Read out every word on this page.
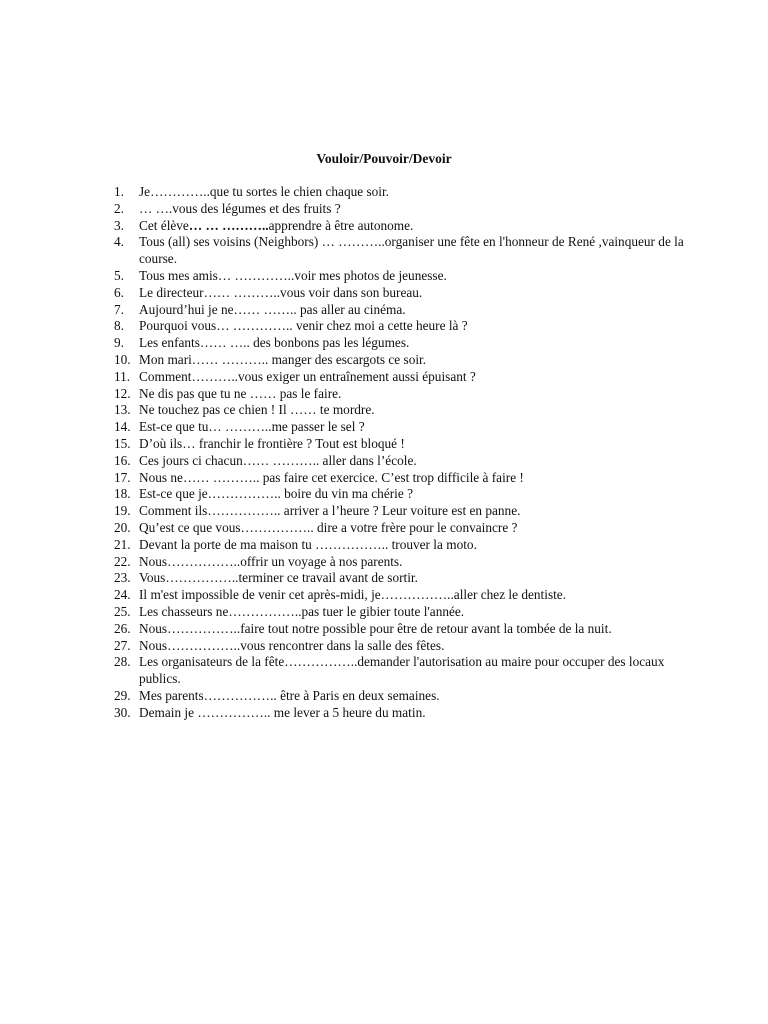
Vouloir/Pouvoir/Devoir
1.	Je…………..que tu sortes le chien chaque soir.
2.	… ….vous des légumes et des fruits ?
3.	Cet élève… … ………..apprendre à être autonome.
4.	Tous (all) ses voisins (Neighbors) … ………..organiser une fête en l'honneur de René ,vainqueur de la course.
5.	Tous mes amis… …………..voir mes photos de jeunesse.
6.	Le directeur…… ………..vous voir dans son bureau.
7.	Aujourd’hui je ne…… …….. pas aller au cinéma.
8.	Pourquoi vous… ………….. venir chez moi a cette heure là ?
9.	Les enfants…… ….. des bonbons pas les légumes.
10. Mon mari…… ……….. manger des escargots ce soir.
11. Comment………..vous exiger un entraînement aussi épuisant ?
12. Ne dis pas que tu ne …… pas le faire.
13. Ne touchez pas ce chien ! Il …… te mordre.
14. Est-ce que tu… ………..me passer le sel ?
15. D’où ils… franchir le frontière ? Tout est bloqué !
16. Ces jours ci chacun…… ……….. aller dans l’école.
17. Nous ne…… ……….. pas faire cet exercice. C’est trop difficile à faire !
18. Est-ce que je…………….. boire du vin ma chérie ?
19. Comment ils…………….. arriver a l’heure ? Leur voiture est en panne.
20. Qu’est ce que vous…………….. dire a votre frère pour le convaincre ?
21. Devant la porte de ma maison tu …………….. trouver la moto.
22. Nous……………..offrir un voyage à nos parents.
23. Vous……………..terminer ce travail avant de sortir.
24. Il m'est impossible de venir cet après-midi, je……………..aller chez le dentiste.
25. Les chasseurs ne……………..pas tuer le gibier toute l'année.
26. Nous……………..faire tout notre possible pour être de retour avant la tombée de la nuit.
27. Nous……………..vous rencontrer dans la salle des fêtes.
28. Les organisateurs de la fête……………..demander l'autorisation au maire pour occuper des locaux publics.
29. Mes parents…………….. être à Paris en deux semaines.
30. Demain je …………….. me lever a 5 heure du matin.
